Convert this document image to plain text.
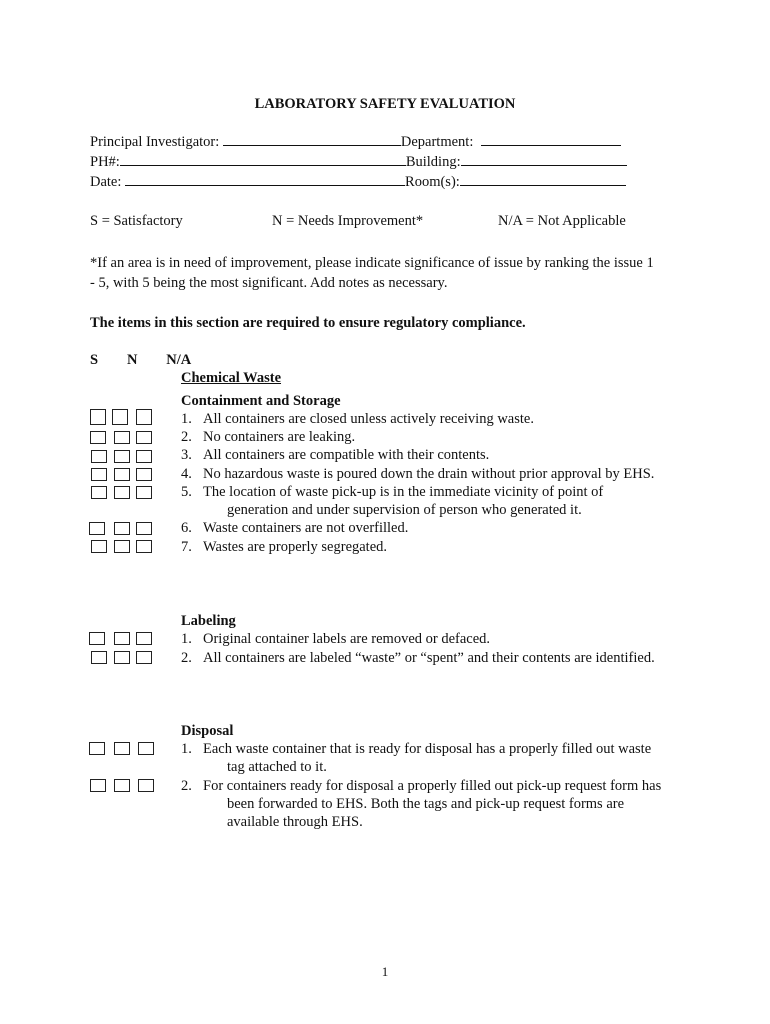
LABORATORY SAFETY EVALUATION
Principal Investigator:	Department:
PH#:	Building:
Date:	Room(s):
S = Satisfactory	N = Needs Improvement*	N/A = Not Applicable
*If an area is in need of improvement, please indicate significance of issue by ranking the issue 1
- 5, with 5 being the most significant. Add notes as necessary.
The items in this section are required to ensure regulatory compliance.
S   N   N/A
Chemical Waste
Containment and Storage
1. All containers are closed unless actively receiving waste.
2. No containers are leaking.
3. All containers are compatible with their contents.
4. No hazardous waste is poured down the drain without prior approval by EHS.
5. The location of waste pick-up is in the immediate vicinity of point of
generation and under supervision of person who generated it.
6. Waste containers are not overfilled.
7. Wastes are properly segregated.
Labeling
1. Original container labels are removed or defaced.
2. All containers are labeled “waste” or “spent” and their contents are identified.
Disposal
1. Each waste container that is ready for disposal has a properly filled out waste
tag attached to it.
2. For containers ready for disposal a properly filled out pick-up request form has
been forwarded to EHS. Both the tags and pick-up request forms are
available through EHS.
1
